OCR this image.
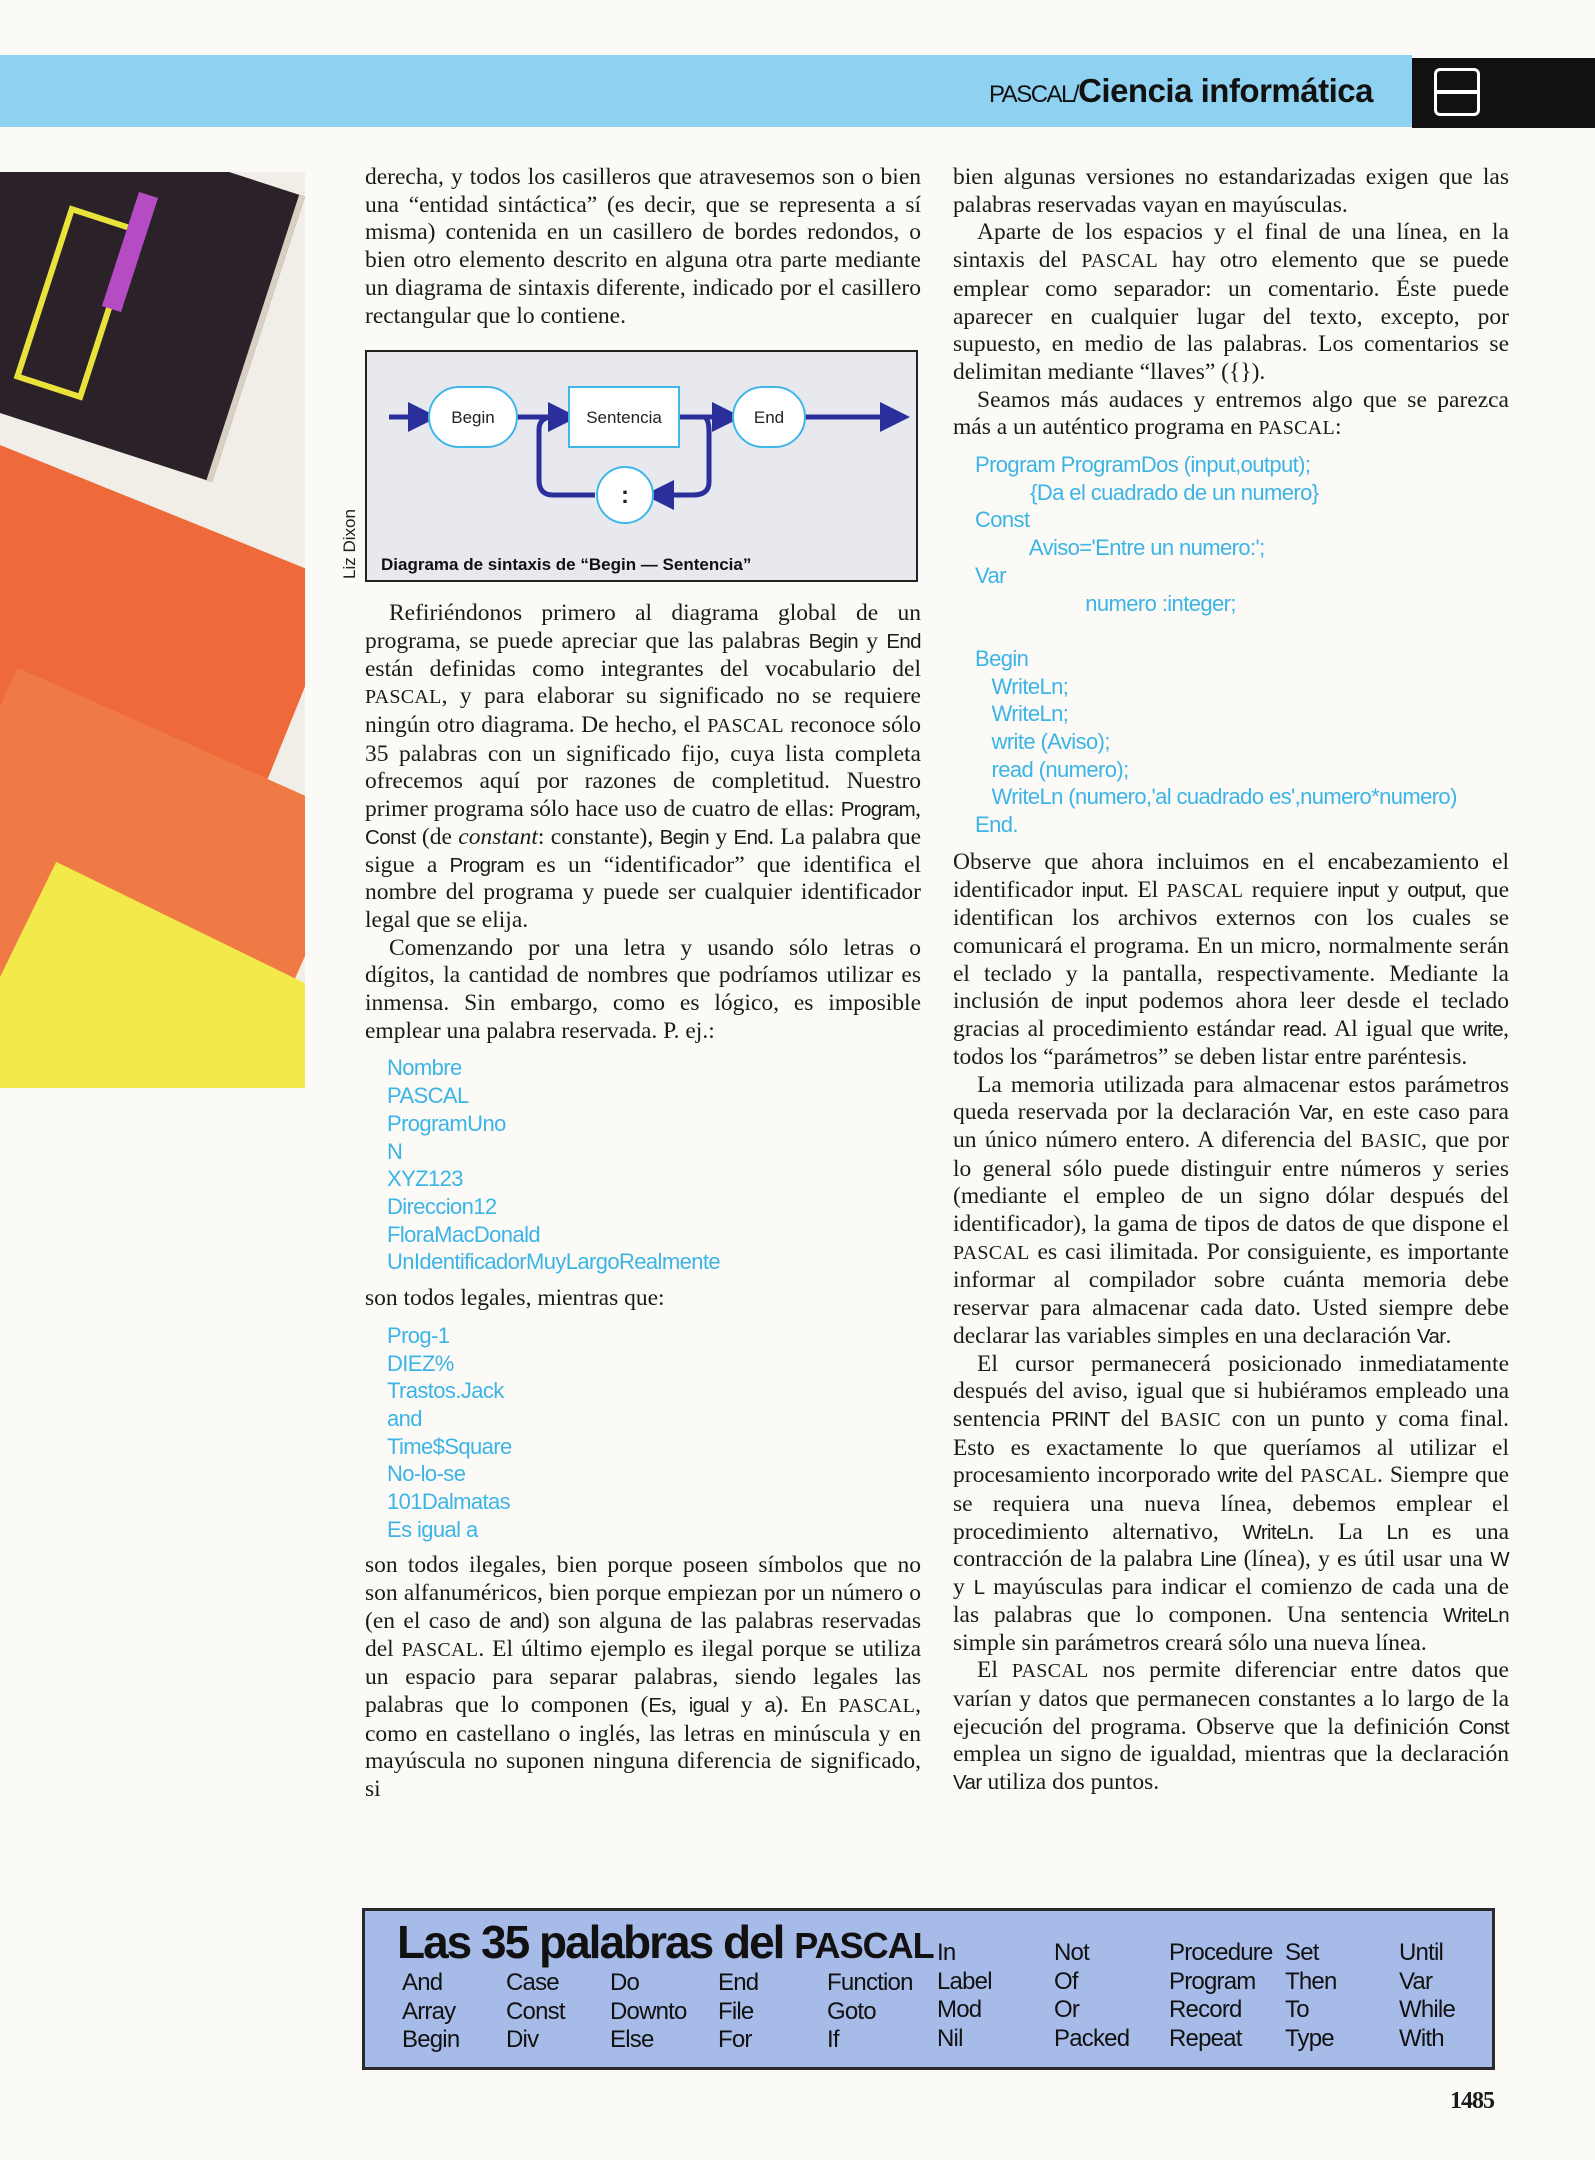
PASCAL/Ciencia informática

derecha, y todos los casilleros que atravesemos son o bien una “entidad sintáctica” (es decir, que se representa a sí misma) contenida en un casillero de bordes redondos, o bien otro elemento descrito en alguna otra parte mediante un diagrama de sintaxis diferente, indicado por el casillero rectangular que lo contiene.

Begin	Sentencia	End
:
Diagrama de sintaxis de “Begin — Sentencia”
Liz Dixon

Refiriéndonos primero al diagrama global de un programa, se puede apreciar que las palabras Begin y End están definidas como integrantes del vocabulario del PASCAL, y para elaborar su significado no se requiere ningún otro diagrama. De hecho, el PASCAL reconoce sólo 35 palabras con un significado fijo, cuya lista completa ofrecemos aquí por razones de completitud. Nuestro primer programa sólo hace uso de cuatro de ellas: Program, Const (de constant: constante), Begin y End. La palabra que sigue a Program es un “identificador” que identifica el nombre del programa y puede ser cualquier identificador legal que se elija.

Comenzando por una letra y usando sólo letras o dígitos, la cantidad de nombres que podríamos utilizar es inmensa. Sin embargo, como es lógico, es imposible emplear una palabra reservada. P. ej.:

Nombre
PASCAL
ProgramUno
N
XYZ123
Direccion12
FloraMacDonald
UnIdentificadorMuyLargoRealmente

son todos legales, mientras que:

Prog-1
DIEZ%
Trastos.Jack
and
Time$Square
No-lo-se
101Dalmatas
Es igual a

son todos ilegales, bien porque poseen símbolos que no son alfanuméricos, bien porque empiezan por un número o (en el caso de and) son alguna de las palabras reservadas del PASCAL. El último ejemplo es ilegal porque se utiliza un espacio para separar palabras, siendo legales las palabras que lo componen (Es, igual y a). En PASCAL, como en castellano o inglés, las letras en minúscula y en mayúscula no suponen ninguna diferencia de significado, si

bien algunas versiones no estandarizadas exigen que las palabras reservadas vayan en mayúsculas.

Aparte de los espacios y el final de una línea, en la sintaxis del PASCAL hay otro elemento que se puede emplear como separador: un comentario. Éste puede aparecer en cualquier lugar del texto, excepto, por supuesto, en medio de las palabras. Los comentarios se delimitan mediante “llaves” ({}).

Seamos más audaces y entremos algo que se parezca más a un auténtico programa en PASCAL:

Program ProgramDos (input,output);
{Da el cuadrado de un numero}
Const
Aviso='Entre un numero:';
Var
numero :integer;

Begin
WriteLn;
WriteLn;
write (Aviso);
read (numero);
WriteLn (numero,'al cuadrado es',numero*numero)
End.

Observe que ahora incluimos en el encabezamiento el identificador input. El PASCAL requiere input y output, que identifican los archivos externos con los cuales se comunicará el programa. En un micro, normalmente serán el teclado y la pantalla, respectivamente. Mediante la inclusión de input podemos ahora leer desde el teclado gracias al procedimiento estándar read. Al igual que write, todos los “parámetros” se deben listar entre paréntesis.

La memoria utilizada para almacenar estos parámetros queda reservada por la declaración Var, en este caso para un único número entero. A diferencia del BASIC, que por lo general sólo puede distinguir entre números y series (mediante el empleo de un signo dólar después del identificador), la gama de tipos de datos de que dispone el PASCAL es casi ilimitada. Por consiguiente, es importante informar al compilador sobre cuánta memoria debe reservar para almacenar cada dato. Usted siempre debe declarar las variables simples en una declaración Var.

El cursor permanecerá posicionado inmediatamente después del aviso, igual que si hubiéramos empleado una sentencia PRINT del BASIC con un punto y coma final. Esto es exactamente lo que queríamos al utilizar el procesamiento incorporado write del PASCAL. Siempre que se requiera una nueva línea, debemos emplear el procedimiento alternativo, WriteLn. La Ln es una contracción de la palabra Line (línea), y es útil usar una W y L mayúsculas para indicar el comienzo de cada una de las palabras que lo componen. Una sentencia WriteLn simple sin parámetros creará sólo una nueva línea.

El PASCAL nos permite diferenciar entre datos que varían y datos que permanecen constantes a lo largo de la ejecución del programa. Observe que la definición Const emplea un signo de igualdad, mientras que la declaración Var utiliza dos puntos.

Las 35 palabras del PASCAL
And
Array
Begin
Case
Const
Div
Do
Downto
Else
End
File
For
Function
Goto
If
In
Label
Mod
Nil
Not
Of
Or
Packed
Procedure
Program
Record
Repeat
Set
Then
To
Type
Until
Var
While
With
1485
